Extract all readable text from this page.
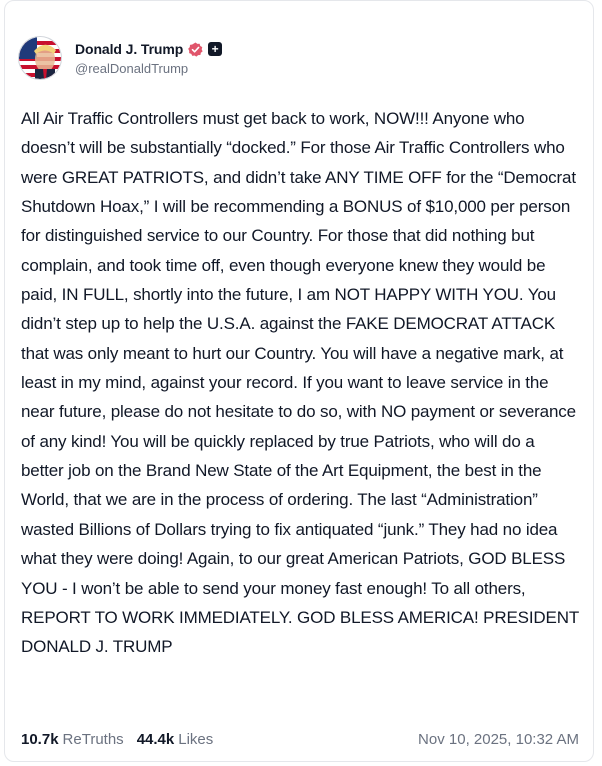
Donald J. Trump +
@realDonaldTrump
All Air Traffic Controllers must get back to work, NOW!!! Anyone who doesn’t will be substantially “docked.” For those Air Traffic Controllers who were GREAT PATRIOTS, and didn’t take ANY TIME OFF for the “Democrat Shutdown Hoax,” I will be recommending a BONUS of $10,000 per person for distinguished service to our Country. For those that did nothing but complain, and took time off, even though everyone knew they would be paid, IN FULL, shortly into the future, I am NOT HAPPY WITH YOU. You didn’t step up to help the U.S.A. against the FAKE DEMOCRAT ATTACK that was only meant to hurt our Country. You will have a negative mark, at least in my mind, against your record. If you want to leave service in the near future, please do not hesitate to do so, with NO payment or severance of any kind! You will be quickly replaced by true Patriots, who will do a better job on the Brand New State of the Art Equipment, the best in the World, that we are in the process of ordering. The last “Administration” wasted Billions of Dollars trying to fix antiquated “junk.” They had no idea what they were doing! Again, to our great American Patriots, GOD BLESS YOU - I won’t be able to send your money fast enough! To all others, REPORT TO WORK IMMEDIATELY. GOD BLESS AMERICA! PRESIDENT DONALD J. TRUMP
10.7k ReTruths 44.4k Likes	Nov 10, 2025, 10:32 AM
